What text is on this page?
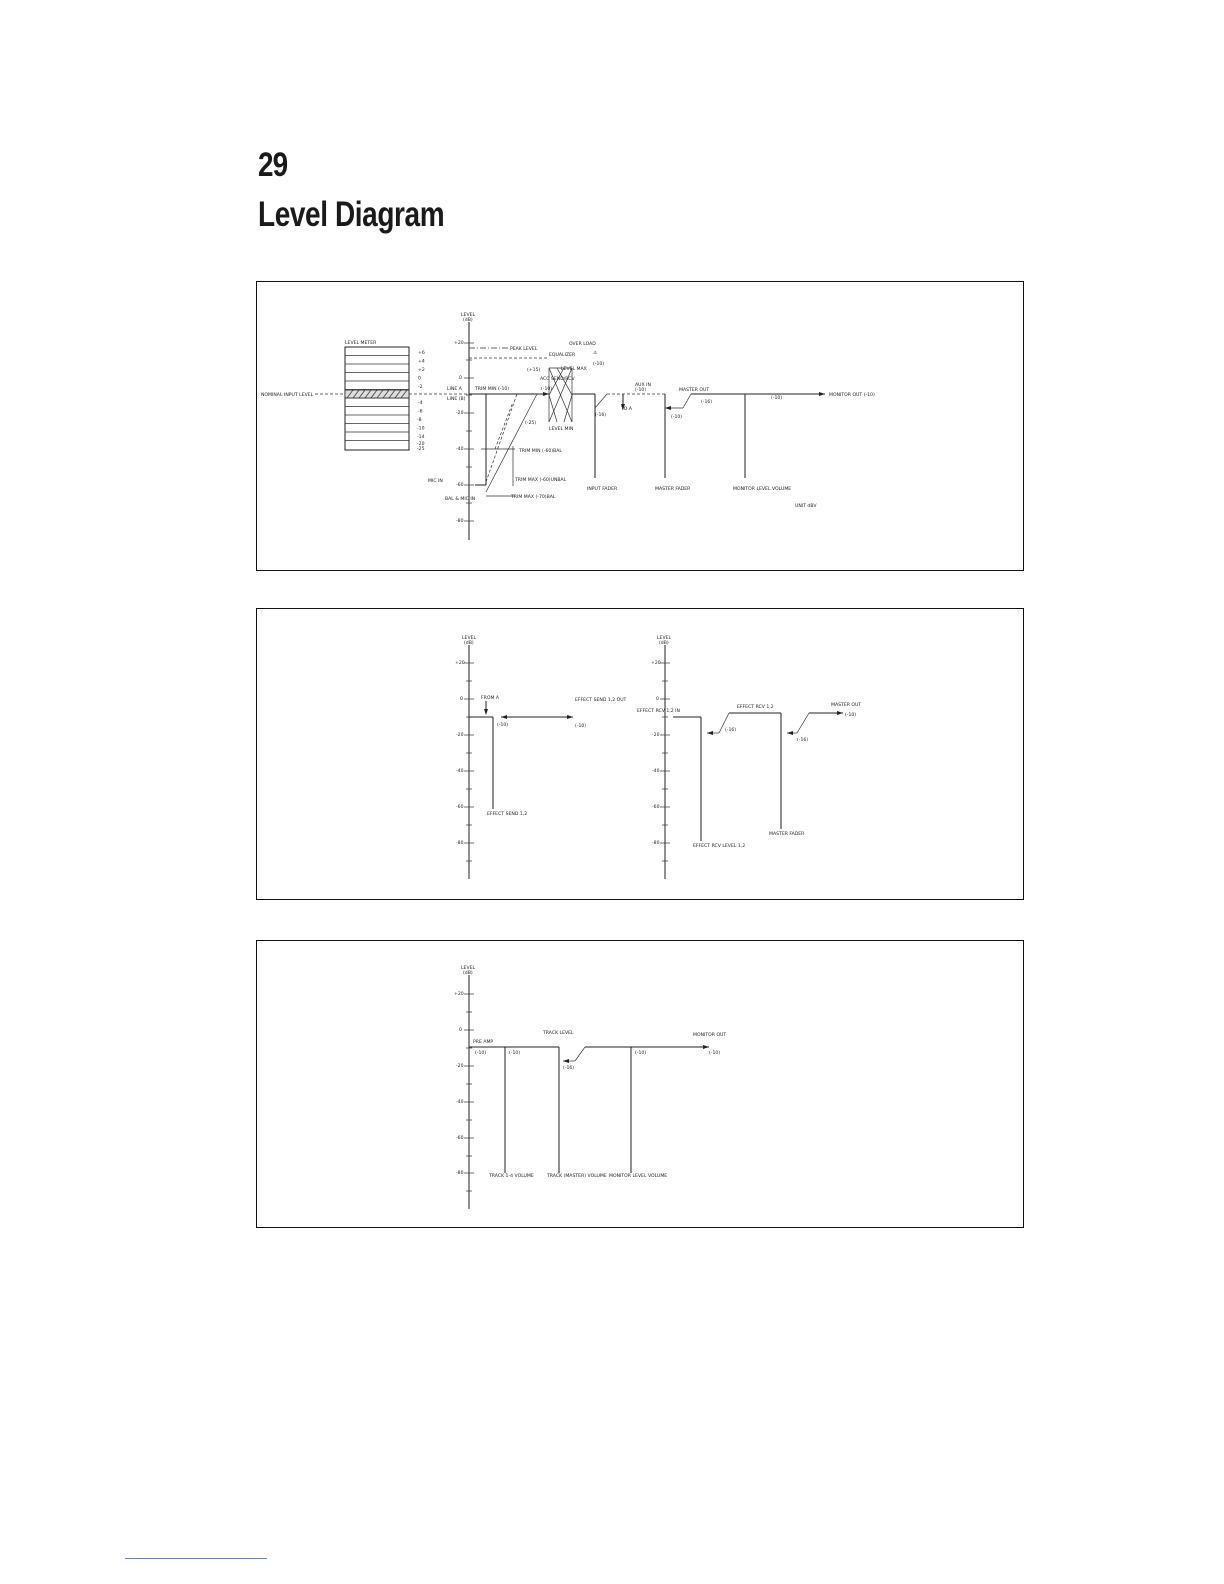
29
Level Diagram
LEVEL
(dB)
+20
0
-20
-40
-60
-80
LEVEL METER
+6
+4
+2
0
-2
-4
-6
-8
-10
-14
-20
-25
NOMINAL INPUT LEVEL
PEAK LEVEL
OVER LOAD
EQUALIZER	⚠
LEVEL MAX
(+15)
(-10)
ACC SEND/RCV
(-10)
LEVEL MIN
LINE A
LINE (B)
TRIM MIN (-10)
(-25)
TRIM MIN (-60)BAL
MIC IN	TRIM MAX (-60)UNBAL
BAL & MIC IN	TRIM MAX (-70)BAL
INPUT FADER
AUX IN
(-10)
TO A
(-16)
MASTER FADER
MASTER OUT
(-16)
(-10)
(-10)
MONITOR OUT (-10)
MONITOR LEVEL VOLUME
UNIT dBV
LEVEL
(dB)
+20
0
-20
-40
-60
-80
FROM A
(-10)
EFFECT SEND 1,2 OUT
(-10)
EFFECT SEND 1,2
LEVEL
(dB)
+20
0
-20
-40
-60
-80
EFFECT RCV 1,2 IN
EFFECT RCV 1,2
(-16)
(-16)
MASTER OUT
(-10)
EFFECT RCV LEVEL 1,2
MASTER FADER
LEVEL
(dB)
+20
0
-20
-40
-60
-80
PRE AMP
(-10)	(-10)
TRACK LEVEL
(-16)
(-10)
MONITOR OUT
(-10)
TRACK 1-4 VOLUME	TRACK (MASTER) VOLUME MONITOR LEVEL VOLUME
